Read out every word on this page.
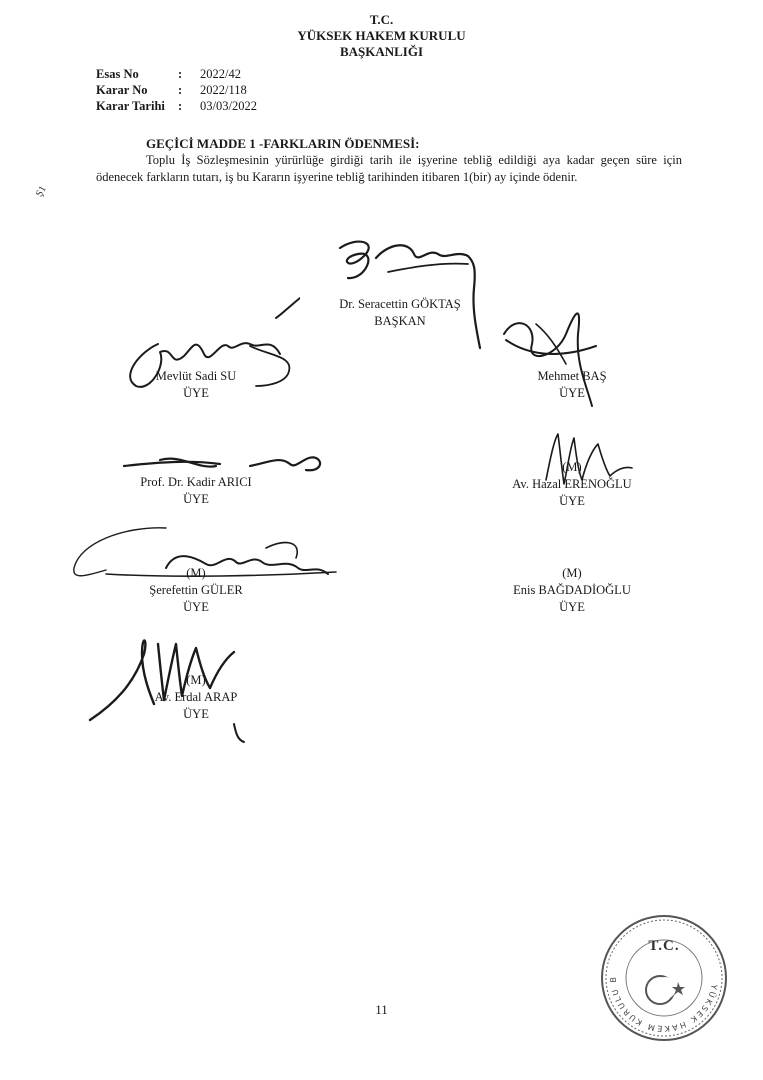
T.C.
YÜKSEK HAKEM KURULU
BAŞKANLIĞI
Esas No	:	2022/42
Karar No	:	2022/118
Karar Tarihi	:	03/03/2022
GEÇİCİ MADDE 1 -FARKLARIN ÖDENMESİ:
Toplu İş Sözleşmesinin yürürlüğe girdiği tarih ile işyerine tebliğ edildiği aya kadar geçen süre için ödenecek farkların tutarı, iş bu Kararın işyerine tebliğ tarihinden itibaren 1(bir) ay içinde ödenir.
Ş1
Dr. Seracettin GÖKTAŞ
BAŞKAN
Mevlüt Sadi SU
ÜYE
Mehmet BAŞ
ÜYE
Prof. Dr. Kadir ARICI
ÜYE
(M)
Av. Hazal ERENOĞLU
ÜYE
(M)
Şerefettin GÜLER
ÜYE
(M)
Enis BAĞDADİOĞLU
ÜYE
(M)
Av. Erdal ARAP
ÜYE
11
YÜKSEK HAKEM KURULU B
T.C.
